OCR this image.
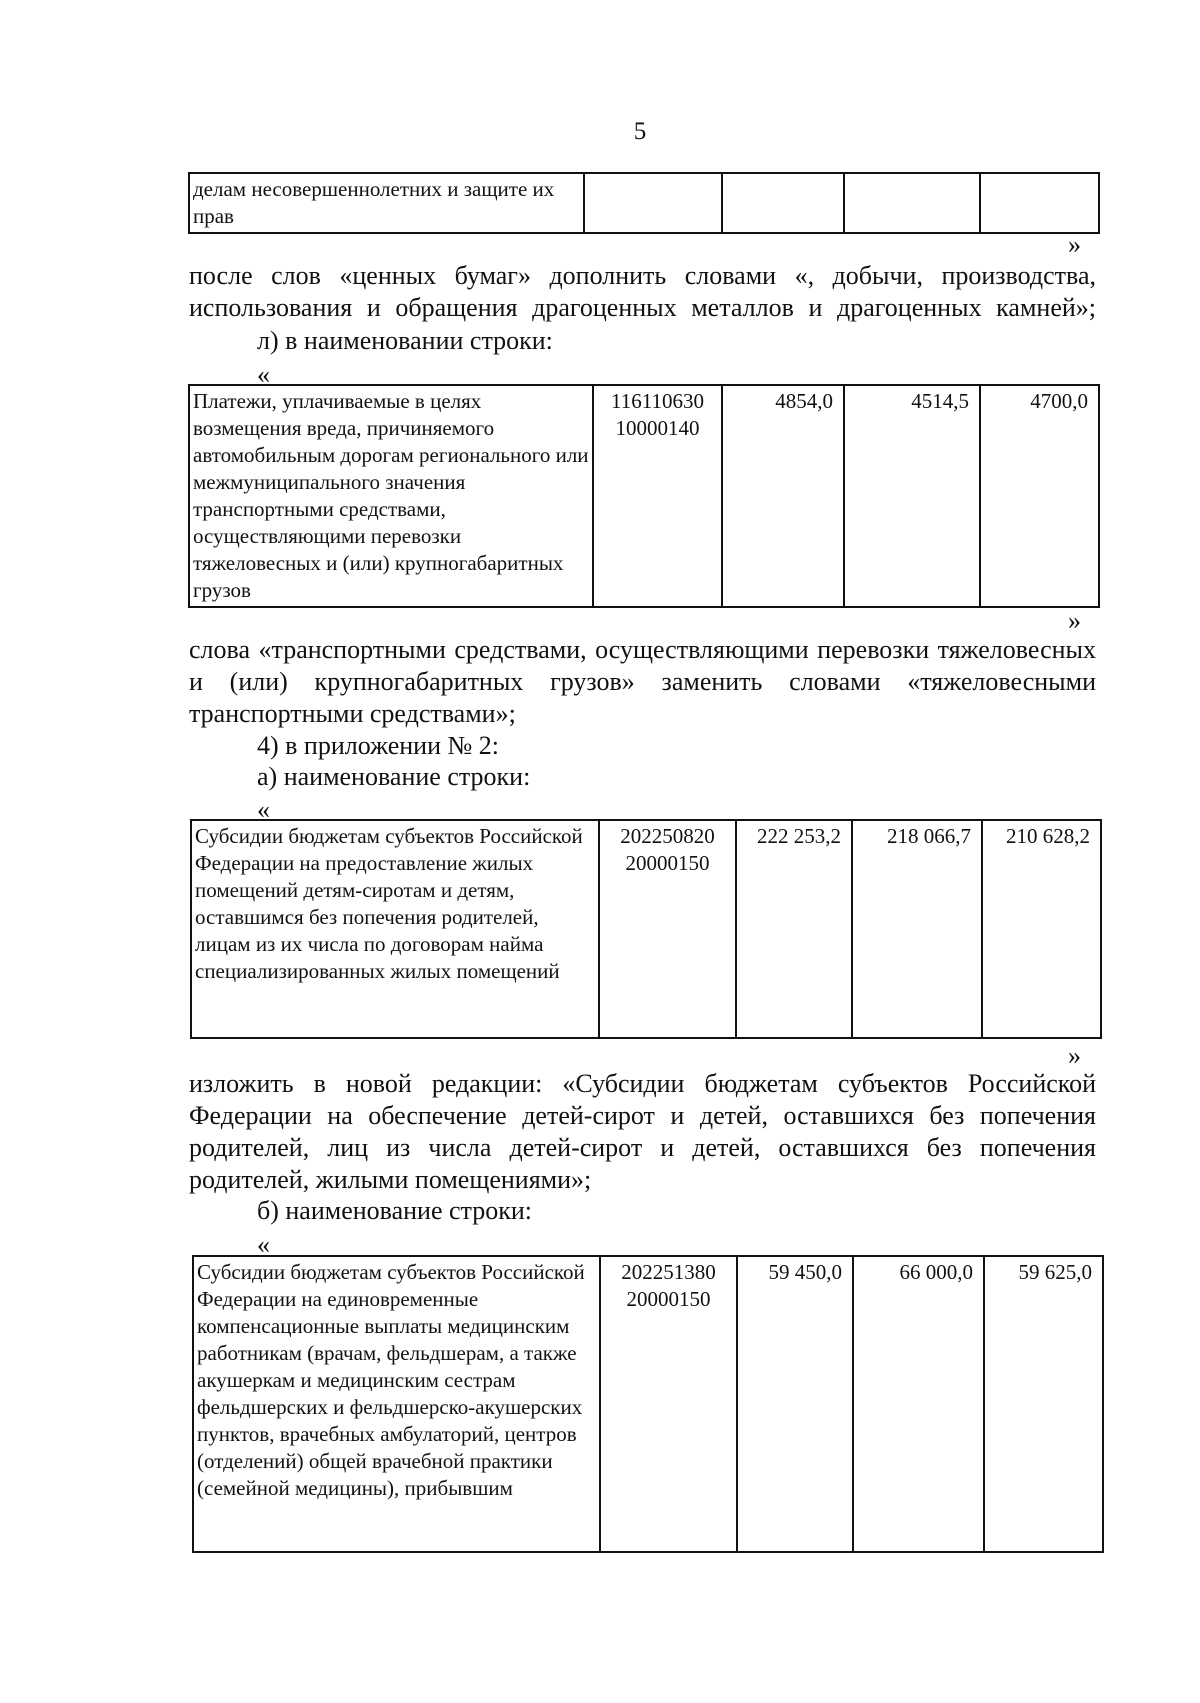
5
делам несовершеннолетних и защите их прав				
»
после слов «ценных бумаг» дополнить словами «, добычи, производства, использования и обращения драгоценных металлов и драгоценных камней»;
л) в наименовании строки:
«
Платежи, уплачиваемые в целях возмещения вреда, причиняемого автомобильным дорогам регионального или межмуниципального значения транспортными средствами, осуществляющими перевозки тяжеловесных и (или) крупногабаритных грузов	116110630 10000140	4854,0	4514,5	4700,0
»
слова «транспортными средствами, осуществляющими перевозки тяжеловесных и (или) крупногабаритных грузов» заменить словами «тяжеловесными транспортными средствами»;
4) в приложении № 2:
а) наименование строки:
«
Субсидии бюджетам субъектов Российской Федерации на предоставление жилых помещений детям-сиротам и детям, оставшимся без попечения родителей, лицам из их числа по договорам найма специализированных жилых помещений	202250820 20000150	222 253,2	218 066,7	210 628,2
»
изложить в новой редакции: «Субсидии бюджетам субъектов Российской Федерации на обеспечение детей-сирот и детей, оставшихся без попечения родителей, лиц из числа детей-сирот и детей, оставшихся без попечения родителей, жилыми помещениями»;
б) наименование строки:
«
Субсидии бюджетам субъектов Российской Федерации на единовременные компенсационные выплаты медицинским работникам (врачам, фельдшерам, а также акушеркам и медицинским сестрам фельдшерских и фельдшерско-акушерских пунктов, врачебных амбулаторий, центров (отделений) общей врачебной практики (семейной медицины), прибывшим	202251380 20000150	59 450,0	66 000,0	59 625,0
